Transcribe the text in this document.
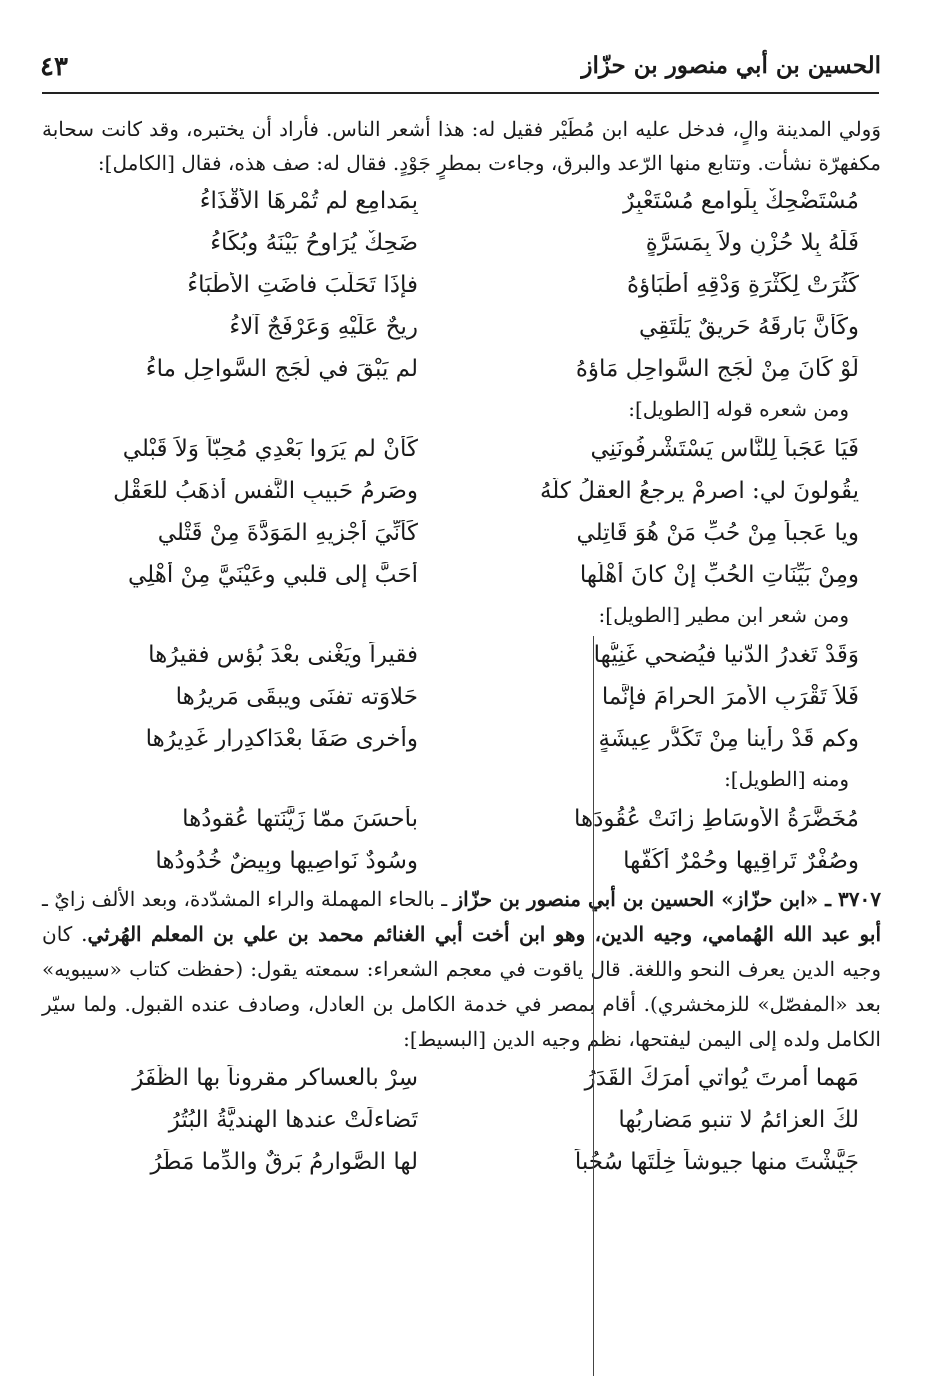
الحسين بن أبي منصور بن حزّاز
٤٣

وَولي المدينة والٍ، فدخل عليه ابن مُطَيْر فقيل له: هذا أشعر الناس. فأراد أن يختبره، وقد كانت سحابة مكفهرّة نشأت. وتتابع منها الرّعد والبرق، وجاءت بمطرٍ جَوْدٍ. فقال له: صف هذه، فقال [الكامل]:

مُسْتَضْحِكٌ بِلَوامعٍ مُسْتَعْبِرٌ
بِمَدامِعٍ لم تُمْرِهَا الأَقْذَاءُ
فَلَهُ بِلا حُزْنٍ ولاَ بِمَسَرَّةٍ
ضَحِكٌ يُرَاوِحُ بَيْنَهُ وبُكَاءُ
كَثُرَتْ لِكَثْرَةِ وَدْقِهِ أَطْبَاؤهُ
فإِذَا تَحَلَّبَ فاضَتِ الأَطْبَاءُ
وكَأَنَّ بَارِقَهُ حَرِيقٌ يَلْتَقِي
رِيحٌ عَلَيْهِ وَعَرْفَجٌ آلاءُ
لَوْ كَانَ مِنْ لُجَجِ السَّواحِلِ مَاؤهُ
لم يَبْقَ في لُجَجِ السَّواحِلِ ماءُ

ومن شعره قوله [الطويل]:

فَيَا عَجَباً لِلنَّاسِ يَسْتَشْرِفُونَنِي
كَأَنْ لم يَرَوا بَعْدِي مُحِبّاً وَلاَ قَبْلي
يقُولونَ لي: اصرِمْ يرجعُ العقلُ كلّهُ
وصَرمُ حَبيبِ النَّفسِ أذهَبُ للعَقْلِ
ويا عَجباً مِنْ حُبِّ مَنْ هُوَ قَاتِلي
كَأَنِّيَ أَجْزِيهِ المَوَدَّةَ مِنْ قَتْلي
ومِنْ بَيِّنَاتِ الحُبِّ إِنْ كانَ أَهْلُها
أَحَبَّ إلى قلبي وعَيْنَيَّ مِنْ أَهْلِي

ومن شعر ابن مطير [الطويل]:

وَقَدْ تَغدرُ الدّنيا فيُضحي غَنِيُّها
فقيراً ويَغْنى بعْدَ بُؤسٍ فقيرُها
فَلاَ تَقْرَبِ الأَمرَ الحرامَ فإنَّما
حَلاوَته تفنَى ويبقَى مَرِيرُها
وكم قَدْ رأينا مِنْ تَكَدُّرِ عِيشَةٍ
وأُخرى صَفَا بعْدَاكدِرارٍ غَدِيرُها

ومنه [الطويل]:

مُخَضَّرَةُ الأَوسَاطِ زانَتْ عُقُودَها
بأَحسَنَ ممّا زَيَّنَتها عُقودُها
وصُفْرٌ تَراقِيها وحُمْرٌ أكُفُّها
وسُودٌ نَواصِيها وبِيضٌ خُدُودُها

٣٧٠٧ ـ «ابن حزّاز» الحسين بن أبي منصور بن حزّاز ـ بالحاء المهملة والراء المشدّدة، وبعد الألف زايٌ ـ أبو عبد الله الهُمامي، وجيه الدين، وهو ابن أخت أبي الغنائم محمد بن علي بن المعلم الهُرثي. كان وجيه الدين يعرف النحو واللغة. قال ياقوت في معجم الشعراء: سمعته يقول: (حفظت كتاب «سيبويه» بعد «المفصّل» للزمخشري). أقام بمصر في خدمة الكامل بن العادل، وصادف عنده القبول. ولما سيّر الكامل ولده إلى اليمن ليفتحها، نظم وجيه الدين [البسيط]:

مَهما أمرتَ يُواتي أمرَكَ القَدَرُ
سِرْ بالعساكرِ مقروناً بها الظَّفَرُ
لكَ العزائمُ لا تنبو مَضارِبُها
تَضاءلَتْ عندها الهِنديَّةُ البُتُرُ
جَيَّشْتَ منها جيوشاً خِلْتَها سُحُباً
لها الصَّوارِمُ بَرقٌ والدِّما مَطَرُ
